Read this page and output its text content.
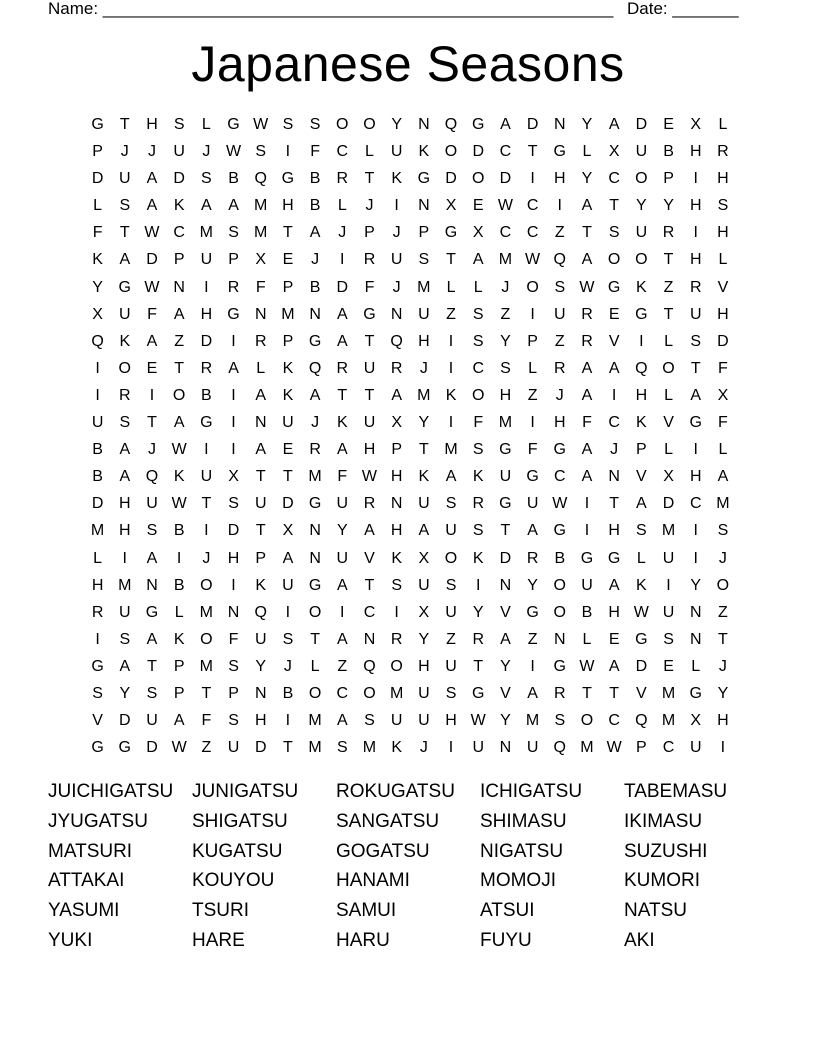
Name: ______________________________________________________ Date: _______
Japanese Seasons
G	T	H	S	L	G W S	S O O Y	N Q G A	D N	Y	A	D	E	X	L
P	J	J	U	J W S	I	F	C	L	U	K O D C	T	G	L	X	U	B	H R
D U	A	D	S	B Q G B	R	T	K G D O D	I	H	Y	C O P	I	H
L	S	A	K	A	A M H	B	L	J	I	N	X	E W C	I	A	T	Y	Y	H	S
F	T W C M S M T	A	J	P	J	P G X	C C	Z	T	S	U R	I	H
K	A	D	P	U	P	X	E	J	I	R U	S	T	A M W Q A O O	T	H	L
Y G W N	I	R	F	P	B	D	F	J	M	L	L	J	O S W G K	Z	R	V
X	U	F	A	H G N M N	A G N U	Z	S	Z	I	U R	E G	T	U H
Q K	A	Z	D	I	R	P G A	T	Q H	I	S	Y	P	Z	R	V	I	L	S	D
I	O E	T	R	A	L	K Q R U R	J	I	C	S	L	R	A	A Q O	T	F
I	R	I	O B	I	A	K	A	T	T	A M K O H	Z	J	A	I	H	L	A	X
U	S	T	A G	I	N U	J	K	U	X	Y	I	F M	I	H	F	C	K	V G	F
B	A	J W	I	I	A	E	R	A	H	P	T M S G	F	G A	J	P	L	I	L
B	A Q K	U	X	T	T M F W H	K	A	K	U G C	A	N	V	X	H	A
D H U W T	S	U D G U R N U	S	R G U W	I	T	A	D C M
M H	S	B	I	D	T	X	N	Y	A	H	A	U	S	T	A G	I	H	S M	I	S
L	I	A	I	J	H	P	A	N U	V	K	X O K	D R	B G G	L	U	I	J
H M N	B O	I	K	U G A	T	S	U	S	I	N	Y O U	A	K	I	Y O
R U G	L	M N Q	I	O	I	C	I	X	U	Y	V G O B	H W U N	Z
I	S	A	K O	F	U	S	T	A	N R	Y	Z	R	A	Z	N	L	E G S	N	T
G A	T	P M S	Y	J	L	Z	Q O H U	T	Y	I	G W A	D	E	L	J
S	Y	S	P	T	P	N	B O C O M U	S G V	A	R	T	T	V M G Y
V	D U	A	F	S	H	I	M A	S	U U H W Y M S O C Q M X	H
G G D W Z	U D	T M S M K	J	I	U N U Q M W P	C U	I
JUICHIGATSU JUNIGATSU	ROKUGATSU	ICHIGATSU	TABEMASU
JYUGATSU	SHIGATSU	SANGATSU	SHIMASU	IKIMASU
MATSURI	KUGATSU	GOGATSU	NIGATSU	SUZUSHI
ATTAKAI	KOUYOU	HANAMI	MOMOJI	KUMORI
YASUMI	TSURI	SAMUI	ATSUI	NATSU
YUKI	HARE	HARU	FUYU	AKI
